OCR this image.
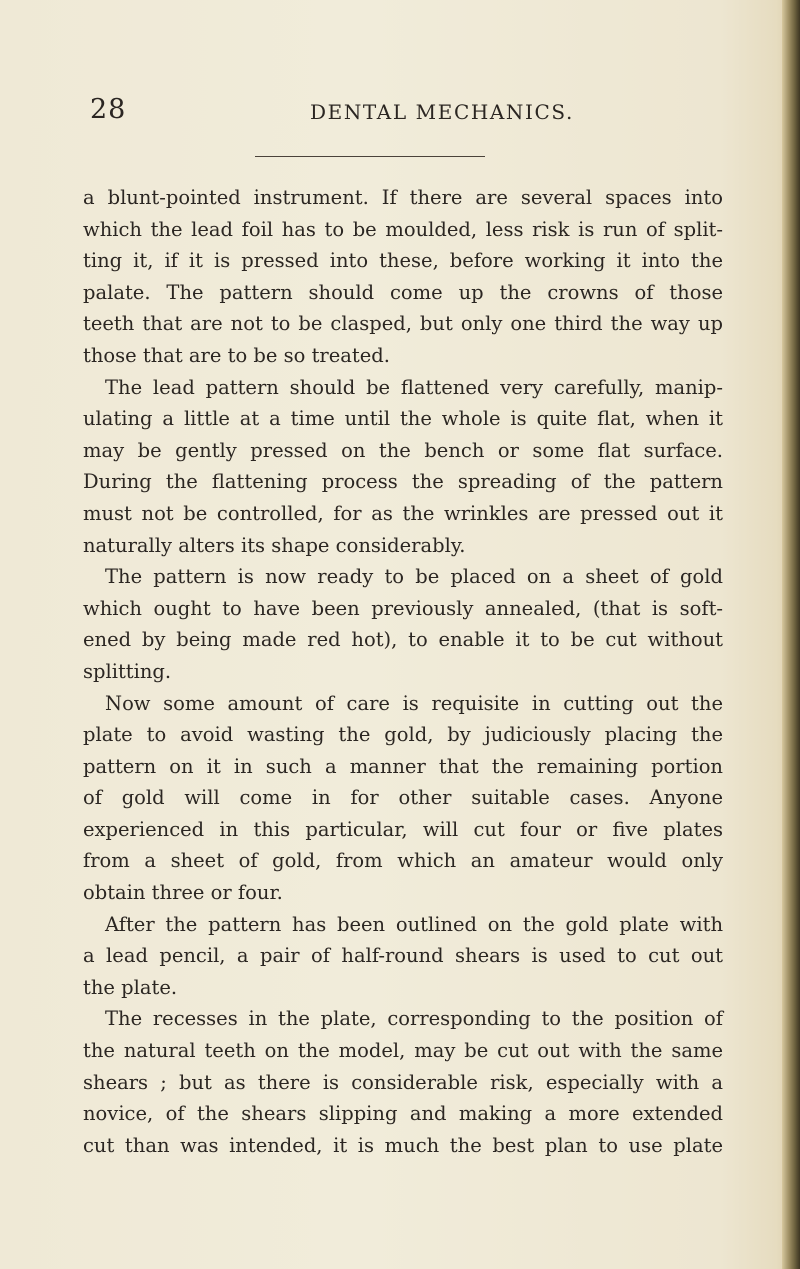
28	DENTAL MECHANICS.
a blunt-pointed instrument. If there are several spaces into
which the lead foil has to be moulded, less risk is run of split-
ting it, if it is pressed into these, before working it into the
palate. The pattern should come up the crowns of those
teeth that are not to be clasped, but only one third the way up
those that are to be so treated.
The lead pattern should be flattened very carefully, manip-
ulating a little at a time until the whole is quite flat, when it
may be gently pressed on the bench or some flat surface.
During the flattening process the spreading of the pattern
must not be controlled, for as the wrinkles are pressed out it
naturally alters its shape considerably.
The pattern is now ready to be placed on a sheet of gold
which ought to have been previously annealed, (that is soft-
ened by being made red hot), to enable it to be cut without
splitting.
Now some amount of care is requisite in cutting out the
plate to avoid wasting the gold, by judiciously placing the
pattern on it in such a manner that the remaining portion
of gold will come in for other suitable cases. Anyone
experienced in this particular, will cut four or five plates
from a sheet of gold, from which an amateur would only
obtain three or four.
After the pattern has been outlined on the gold plate with
a lead pencil, a pair of half-round shears is used to cut out
the plate.
The recesses in the plate, corresponding to the position of
the natural teeth on the model, may be cut out with the same
shears ; but as there is considerable risk, especially with a
novice, of the shears slipping and making a more extended
cut than was intended, it is much the best plan to use plate
